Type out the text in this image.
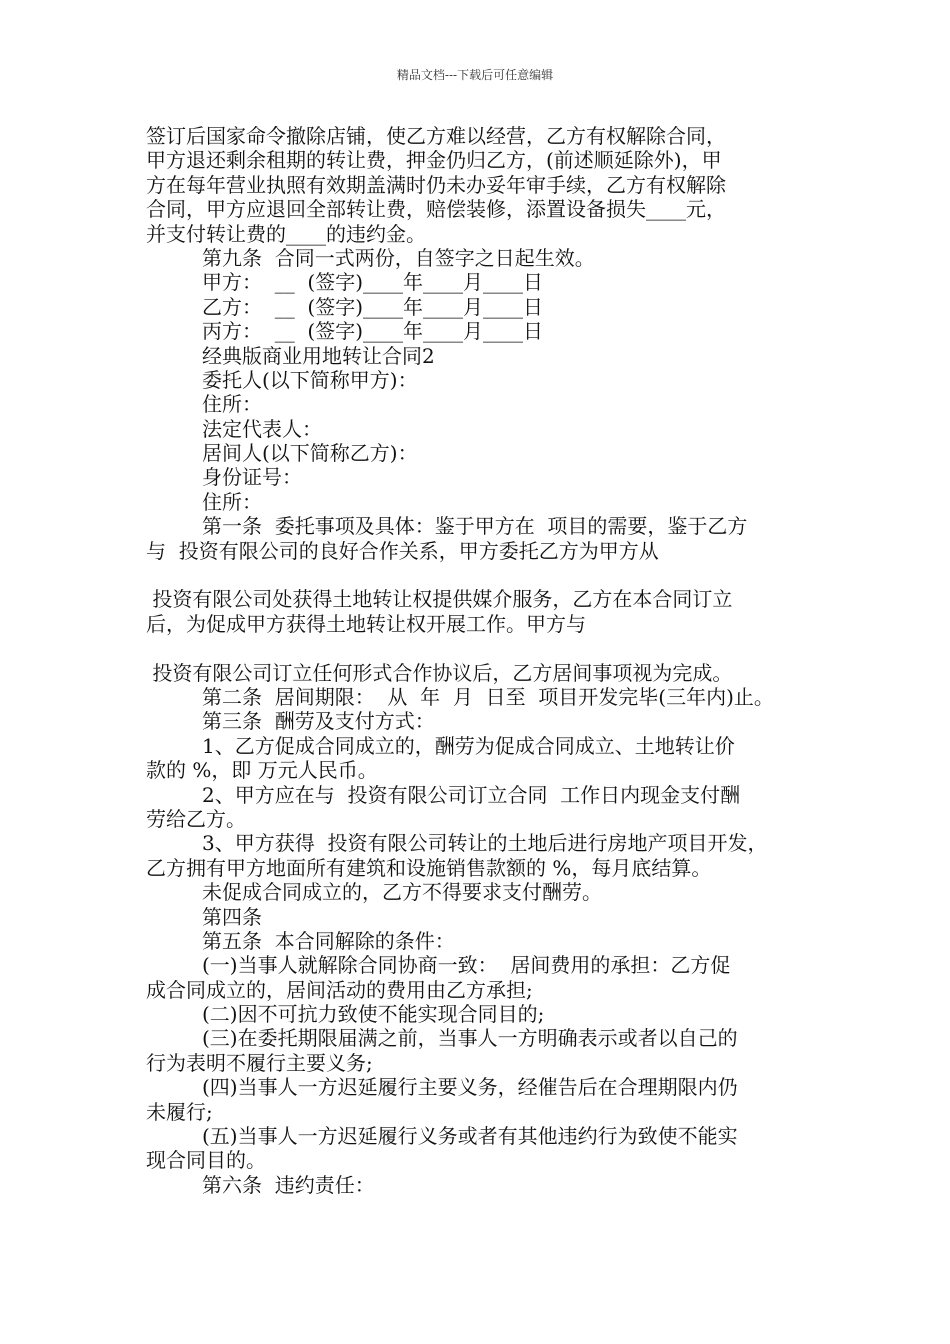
精品文档---下载后可任意编辑
签订后国家命令撤除店铺，使乙方难以经营，乙方有权解除合同，
甲方退还剩余租期的转让费，押金仍归乙方，(前述顺延除外)，甲
方在每年营业执照有效期盖满时仍未办妥年审手续，乙方有权解除
合同，甲方应退回全部转让费，赔偿装修，添置设备损失____元，
并支付转让费的____的违约金。
第九条  合同一式两份，自签字之日起生效。
甲方：  __  (签字)____年____月____日
乙方：  __  (签字)____年____月____日
丙方：  __  (签字)____年____月____日
经典版商业用地转让合同2
委托人(以下简称甲方)：
住所：
法定代表人：
居间人(以下简称乙方)：
身份证号：
住所：
第一条  委托事项及具体：鉴于甲方在  项目的需要，鉴于乙方
与  投资有限公司的良好合作关系，甲方委托乙方为甲方从
投资有限公司处获得土地转让权提供媒介服务，乙方在本合同订立
后，为促成甲方获得土地转让权开展工作。甲方与
投资有限公司订立任何形式合作协议后，乙方居间事项视为完成。
第二条  居间期限：  从  年  月  日至  项目开发完毕(三年内)止。
第三条  酬劳及支付方式：
1、乙方促成合同成立的，酬劳为促成合同成立、土地转让价
款的 %，即 万元人民币。
2、甲方应在与  投资有限公司订立合同  工作日内现金支付酬
劳给乙方。
3、甲方获得  投资有限公司转让的土地后进行房地产项目开发，
乙方拥有甲方地面所有建筑和设施销售款额的 %，每月底结算。
未促成合同成立的，乙方不得要求支付酬劳。
第四条
第五条  本合同解除的条件：
(一)当事人就解除合同协商一致：  居间费用的承担：乙方促
成合同成立的，居间活动的费用由乙方承担;
(二)因不可抗力致使不能实现合同目的;
(三)在委托期限届满之前，当事人一方明确表示或者以自己的
行为表明不履行主要义务;
(四)当事人一方迟延履行主要义务，经催告后在合理期限内仍
未履行;
(五)当事人一方迟延履行义务或者有其他违约行为致使不能实
现合同目的。
第六条  违约责任：
